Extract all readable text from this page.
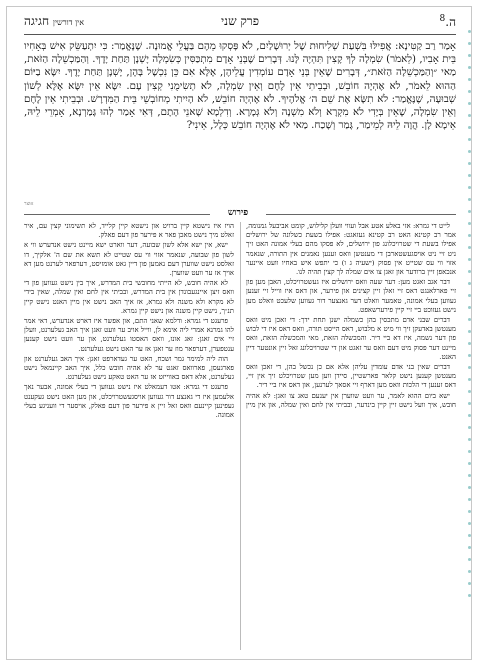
ה.$^8$
פרק שני
אין דורשין חגיגה

אָמַר רַב קַטִּינָא: אֲפִילּוּ בִּשְׁעַת שְׁלִיחוּת שֶׁל יְרוּשָׁלַיִם, לֹא פָּסְקוּ מֵהֶם בַּעֲלֵי אֱמוּנָה. שֶׁנֶּאֱמַר: כִּי יִתְעַשֵּׂק אִישׁ בְּאָחִיו בֵּית אָבִיו, (לֵאמֹר) שִׂמְלָה לְךָ קָצִין תִּהְיֶה לָּנוּ. דְּבָרִים שֶׁבְּנֵי אָדָם מִתְכַּסִּין כְּשִׂמְלָה יָשְׁנָן תַּחַת יָדֶךָ. וְהַמַּכְשֵׁלָה הַזֹּאת, מַאי ״וְהַמַּכְשֵׁלָה הַזֹּאת״, דְּבָרִים שֶׁאֵין בְּנֵי אָדָם עוֹמְדִין עֲלֵיהֶן, אֶלָּא אִם כֵּן נִכְשָׁל בָּהֶן, יָשְׁנָן תַּחַת יָדֶךָ. יִשָּׂא בַיּוֹם הַהוּא לֵאמֹר, לֹא אֶהְיֶה חוֹבֵשׁ, וּבְבֵיתִי אֵין לֶחֶם וְאֵין שִׂמְלָה, לֹא תְשִׂימֻנִי קְצִין עָם. יִשָּׂא אֵין יִשָּׂא אֶלָּא לְשׁוֹן שְׁבוּעָה, שֶׁנֶּאֱמַר: לֹא תִשָּׂא אֶת שֵׁם ה׳ אֱלֹהֶיךָ. לֹא אֶהְיֶה חוֹבֵשׁ, לֹא הָיִיתִי מְחוֹבְשֵׁי בֵּית הַמִּדְרָשׁ. וּבְבֵיתִי אֵין לֶחֶם וְאֵין שִׂמְלָה, שֶׁאֵין בְּיָדִי לֹא מִקְרָא וְלֹא מִשְׁנָה וְלֹא גְּמָרָא. וְדִלְמָא שָׁאנֵי הָתָם, דְּאִי אָמַר לְהוּ גָּמַרְנָא, אָמְרֵי לֵיהּ, אֵימָא לָן. הֲוָה לֵיהּ לְמֵימַר, גָּמַר וְשָׁכַח. מַאי לֹא אֶהְיֶה חוֹבֵשׁ כְּלָל, אֵינִי?

אוצר
פירוש

לייט די גמרא: אזי באלע אטע אבל ועווי וועלן קלילוש, קומט אביבעל גמנומה, אמר רב קטינא האט רב קטינא געזאגט: אפילו בשעת כשלונה של ירושלים אפילו בשעת די שטרויכלונג פון ירושלים, לא פסקו מהם בעלי אמונה האט זיך ניט זיי ניט אויסגעשטארבן די מענטשן וואס זענען נאמנים אין התורה, שנאמר אזוי ווי עס שטייט אין פסוק (ישעיה ג ו) כי יתפש איש באחיו וועט איינער אנכאפן זיין ברודער און זאגן צו אים שמלה לך קצין תהיה לנו.

דבר אגב זאגט מען: דער שעה וואס ירושלים איז געשטרויכלט, האבן מען פון זיי פארלאנגט דאס זיי זאלן זיין קצינים און פירער, און דאס איז ווייל זיי זענען געווען בעלי אמונה, טאמער וואלט דער גאנצער דור געווען שלעכט וואלט מען נישט געזוכט ביי זיי קיין פירערשאפט.

דברים שבני אדם מתכסין בהן כשמלה ישנן תחת ידך: די זאכן מיט וואס מענטשן באדעקן זיך ווי מיט א מלבוש, דאס הייסט תורה, וואס דאס איז די לבוש פון דער נשמה, איז דא ביי דיר. והמכשלה הזאת, מאי והמכשלה הזאת, וואס מיינט דער פסוק מיט דעם וואס ער זאגט און די שטרויכלונג זאל זיין אונטער דיין האנט.

דברים שאין בני אדם עומדין עליהן אלא אם כן נכשל בהן, די זאכן וואס מענטשן קענען נישט קלאר פארשטיין, סיידן ווען מען שטרויכלט זיך אין זיי, דאס זענען די הלכות וואס מען דארף זיי אסאך לערנען, און דאס איז ביי דיר.

ישא ביום ההוא לאמר, ער וועט שווערן אין יענעם טאג צו זאגן: לא אהיה חובש, איך וועל נישט זיין קיין בינדער, ובביתי אין לחם ואין שמלה, און אין מיין הויז איז נישטא קיין ברויט און נישטא קיין קלייד, לא תשימוני קצין עם, איר זאלט מיך נישט מאכן פאר א פירער פון דעם פאלק.

ישא, אין ישא אלא לשון שבועה, דער ווארט ישא מיינט נישט אנדערש ווי א לשון פון שבועה, שנאמר אזוי ווי עס שטייט לא תשא את שם ה' אלקיך, דו זאלסט נישט שווערן דעם נאמען פון דיין גאט אומזיסט, דערפאר לערנט מען דא אויך אז ער וועט שווערן.

לא אהיה חובש, לא הייתי מחובשי בית המדרש, איך בין נישט געווען פון די וואס זיצן איינגעבונדן אין בית המדרש, ובביתי אין לחם ואין שמלה, שאין בידי לא מקרא ולא משנה ולא גמרא, אז איך האב נישט אין מיין האנט נישט קיין תנ״ך, נישט קיין משנה און נישט קיין גמרא.

פרעגט די גמרא: ודלמא שאני התם, און אפשר איז דארט אנדערש, דאי אמר להו גמרנא אמרי ליה אימא לן, ווייל אויב ער וועט זאגן איך האב געלערנט, וועלן זיי אים זאגן: זאג אונז, וואס האסטו געלערנט, און ער וועט נישט קענען ענטפערן, דערפאר מוז ער זאגן אז ער האט נישט געלערנט.

הוה ליה למימר גמר ושכח, האט ער געדארפט זאגן: איך האב געלערנט און פארגעסן, פארוואס זאגט ער לא אהיה חובש כלל, איך האב קיינמאל נישט געלערנט, אלא דאס באווייזט אז ער האט טאקע נישט געלערנט.

פרעגט די גמרא: אטו דעמאלט איז נישט געווען די בעלי אמונה, אבער נאך אלעמען איז די גאנצע דור געווען אויסגעשטרויכלט, און מען האט נישט געקענט געפינען קיינעם וואס זאל זיין א פירער פון דעם פאלק, אויסער די וועניגע בעלי אמונה.
